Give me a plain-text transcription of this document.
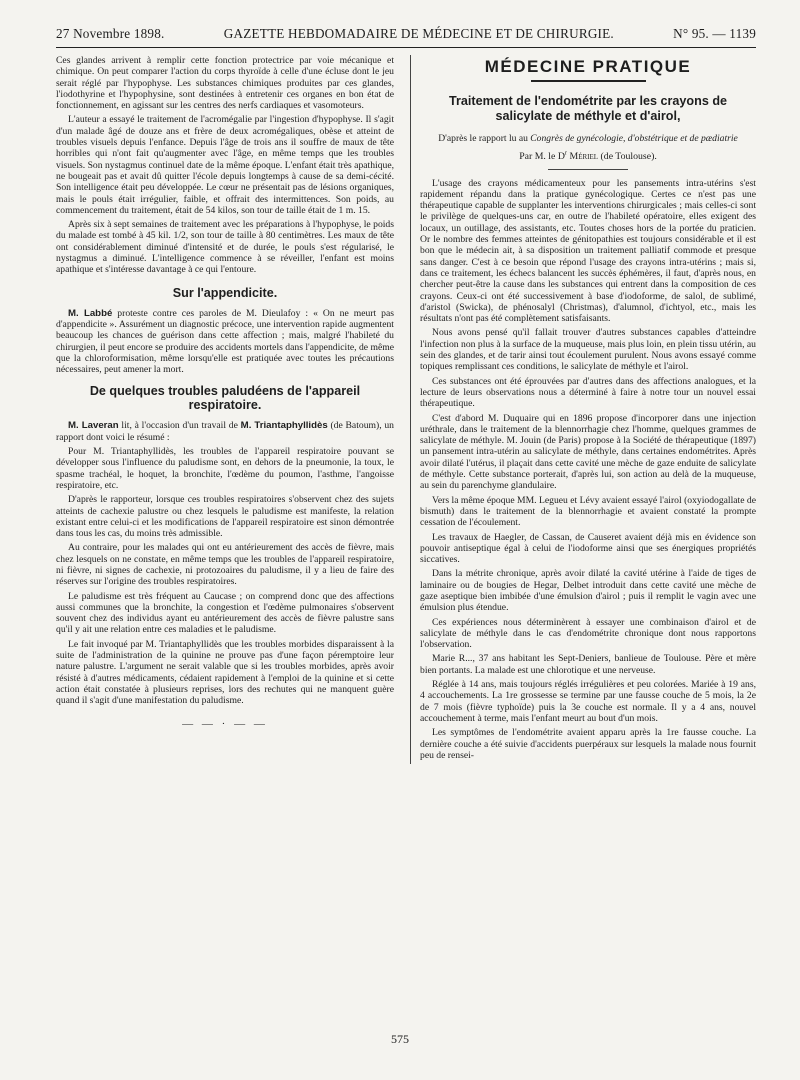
27 Novembre 1898.	GAZETTE HEBDOMADAIRE DE MÉDECINE ET DE CHIRURGIE.	N° 95. — 1139

Ces glandes arrivent à remplir cette fonction protectrice par voie mécanique et chimique. On peut comparer l'action du corps thyroïde à celle d'une écluse dont le jeu serait réglé par l'hypophyse. Les substances chimiques produites par ces glandes, l'iodothyrine et l'hypophysine, sont destinées à entretenir ces organes en bon état de fonctionnement, en agissant sur les centres des nerfs cardiaques et vasomoteurs.

L'auteur a essayé le traitement de l'acromégalie par l'ingestion d'hypophyse. Il s'agit d'un malade âgé de douze ans et frère de deux acromégaliques, obèse et atteint de troubles visuels depuis l'enfance. Depuis l'âge de trois ans il souffre de maux de tête horribles qui n'ont fait qu'augmenter avec l'âge, en même temps que les troubles visuels. Son nystagmus continuel date de la même époque. L'enfant était très apathique, ne bougeait pas et avait dû quitter l'école depuis longtemps à cause de sa demi-cécité. Son intelligence était peu développée. Le cœur ne présentait pas de lésions organiques, mais le pouls était irrégulier, faible, et offrait des intermittences. Son poids, au commencement du traitement, était de 54 kilos, son tour de taille était de 1 m. 15.

Après six à sept semaines de traitement avec les préparations à l'hypophyse, le poids du malade est tombé à 45 kil. 1/2, son tour de taille à 80 centimètres. Les maux de tête ont considérablement diminué d'intensité et de durée, le pouls s'est régularisé, le nystagmus a diminué. L'intelligence commence à se réveiller, l'enfant est moins apathique et s'intéresse davantage à ce qui l'entoure.

Sur l'appendicite.

M. Labbé proteste contre ces paroles de M. Dieulafoy : « On ne meurt pas d'appendicite ». Assurément un diagnostic précoce, une intervention rapide augmentent beaucoup les chances de guérison dans cette affection ; mais, malgré l'habileté du chirurgien, il peut encore se produire des accidents mortels dans l'appendicite, de même que la chloroformisation, même lorsqu'elle est pratiquée avec toutes les précautions nécessaires, peut amener la mort.

De quelques troubles paludéens de l'appareil respiratoire.

M. Laveran lit, à l'occasion d'un travail de M. Triantaphyllidès (de Batoum), un rapport dont voici le résumé :

Pour M. Triantaphyllidès, les troubles de l'appareil respiratoire pouvant se développer sous l'influence du paludisme sont, en dehors de la pneumonie, la toux, le spasme trachéal, le hoquet, la bronchite, l'œdème du poumon, l'asthme, l'angoisse respiratoire, etc.

D'après le rapporteur, lorsque ces troubles respiratoires s'observent chez des sujets atteints de cachexie palustre ou chez lesquels le paludisme est manifeste, la relation existant entre celui-ci et les modifications de l'appareil respiratoire est sinon démontrée dans tous les cas, du moins très admissible.

Au contraire, pour les malades qui ont eu antérieurement des accès de fièvre, mais chez lesquels on ne constate, en même temps que les troubles de l'appareil respiratoire, ni fièvre, ni signes de cachexie, ni protozoaires du paludisme, il y a lieu de faire des réserves sur l'origine des troubles respiratoires.

Le paludisme est très fréquent au Caucase ; on comprend donc que des affections aussi communes que la bronchite, la congestion et l'œdème pulmonaires s'observent souvent chez des individus ayant eu antérieurement des accès de fièvre palustre sans qu'il y ait une relation entre ces maladies et le paludisme.

Le fait invoqué par M. Triantaphyllidès que les troubles morbides disparaissent à la suite de l'administration de la quinine ne prouve pas d'une façon péremptoire leur nature palustre. L'argument ne serait valable que si les troubles morbides, après avoir résisté à d'autres médicaments, cédaient rapidement à l'emploi de la quinine et si cette action était constatée à plusieurs reprises, lors des rechutes qui ne manquent guère quand il s'agit d'une manifestation du paludisme.

— — · — —
MÉDECINE PRATIQUE
Traitement de l'endométrite par les crayons de salicylate de méthyle et d'airol,
D'après le rapport lu au Congrès de gynécologie, d'obstétrique et de pædiatrie
Par M. le $D^r$ Mériel (de Toulouse).

L'usage des crayons médicamenteux pour les pansements intra-utérins s'est rapidement répandu dans la pratique gynécologique. Certes ce n'est pas une thérapeutique capable de supplanter les interventions chirurgicales ; mais celles-ci sont le privilège de quelques-uns car, en outre de l'habileté opératoire, elles exigent des locaux, un outillage, des assistants, etc. Toutes choses hors de la portée du praticien. Or le nombre des femmes atteintes de génitopathies est toujours considérable et il est bon que le médecin ait, à sa disposition un traitement palliatif commode et presque sans danger. C'est à ce besoin que répond l'usage des crayons intra-utérins ; mais si, dans ce traitement, les échecs balancent les succès éphémères, il faut, d'après nous, en chercher peut-être la cause dans les substances qui entrent dans la composition de ces crayons. Ceux-ci ont été successivement à base d'iodoforme, de salol, de sublimé, d'aristol (Swicka), de phénosalyl (Christmas), d'alumnol, d'ichtyol, etc., mais les résultats n'ont pas été complètement satisfaisants.

Nous avons pensé qu'il fallait trouver d'autres substances capables d'atteindre l'infection non plus à la surface de la muqueuse, mais plus loin, en plein tissu utérin, au sein des glandes, et de tarir ainsi tout écoulement purulent. Nous avons essayé comme topiques remplissant ces conditions, le salicylate de méthyle et l'airol.

Ces substances ont été éprouvées par d'autres dans des affections analogues, et la lecture de leurs observations nous a déterminé à faire à notre tour un nouvel essai thérapeutique.

C'est d'abord M. Duquaire qui en 1896 propose d'incorporer dans une injection uréthrale, dans le traitement de la blennorrhagie chez l'homme, quelques grammes de salicylate de méthyle. M. Jouin (de Paris) propose à la Société de thérapeutique (1897) un pansement intra-utérin au salicylate de méthyle, dans certaines endométrites. Après avoir dilaté l'utérus, il plaçait dans cette cavité une mèche de gaze enduite de salicylate de méthyle. Cette substance porterait, d'après lui, son action au delà de la muqueuse, au sein du parenchyme glandulaire.

Vers la même époque MM. Legueu et Lévy avaient essayé l'airol (oxyiodogallate de bismuth) dans le traitement de la blennorrhagie et avaient constaté la prompte cessation de l'écoulement.

Les travaux de Haegler, de Cassan, de Causeret avaient déjà mis en évidence son pouvoir antiseptique égal à celui de l'iodoforme ainsi que ses énergiques propriétés siccatives.

Dans la métrite chronique, après avoir dilaté la cavité utérine à l'aide de tiges de laminaire ou de bougies de Hegar, Delbet introduit dans cette cavité une mèche de gaze aseptique bien imbibée d'une émulsion d'airol ; puis il remplit le vagin avec une émulsion plus étendue.

Ces expériences nous déterminèrent à essayer une combinaison d'airol et de salicylate de méthyle dans le cas d'endométrite chronique dont nous rapportons l'observation.

Marie R..., 37 ans habitant les Sept-Deniers, banlieue de Toulouse. Père et mère bien portants. La malade est une chlorotique et une nerveuse.

Réglée à 14 ans, mais toujours réglés irrégulières et peu colorées. Mariée à 19 ans, 4 accouchements. La 1re grossesse se termine par une fausse couche de 5 mois, la 2e de 7 mois (fièvre typhoïde) puis la 3e couche est normale. Il y a 4 ans, nouvel accouchement à terme, mais l'enfant meurt au bout d'un mois.

Les symptômes de l'endométrite avaient apparu après la 1re fausse couche. La dernière couche a été suivie d'accidents puerpéraux sur lesquels la malade nous fournit peu de rensei-

575
